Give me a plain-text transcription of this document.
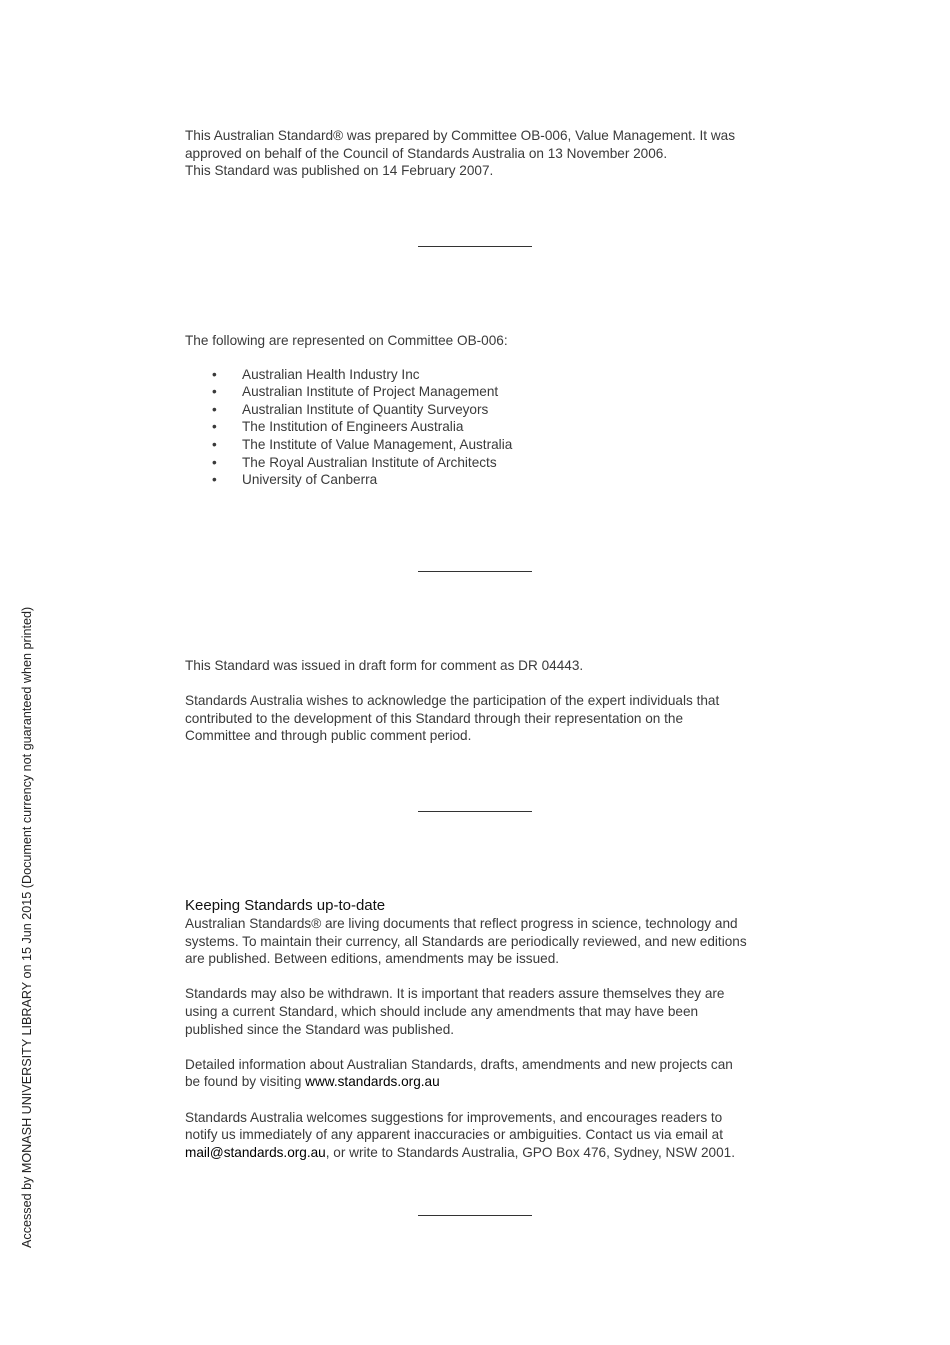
This Australian Standard® was prepared by Committee OB-006, Value Management. It was

approved on behalf of the Council of Standards Australia on 13 November 2006.

This Standard was published on 14 February 2007.

The following are represented on Committee OB-006:

• Australian Health Industry Inc
• Australian Institute of Project Management
• Australian Institute of Quantity Surveyors
• The Institution of Engineers Australia
• The Institute of Value Management, Australia
• The Royal Australian Institute of Architects
• University of Canberra

This Standard was issued in draft form for comment as DR 04443.

Standards Australia wishes to acknowledge the participation of the expert individuals that

contributed to the development of this Standard through their representation on the

Committee and through public comment period.

Keeping Standards up-to-date

Australian Standards® are living documents that reflect progress in science, technology and

systems. To maintain their currency, all Standards are periodically reviewed, and new editions

are published. Between editions, amendments may be issued.

Standards may also be withdrawn. It is important that readers assure themselves they are

using a current Standard, which should include any amendments that may have been

published since the Standard was published.

Detailed information about Australian Standards, drafts, amendments and new projects can

be found by visiting www.standards.org.au

Standards Australia welcomes suggestions for improvements, and encourages readers to

notify us immediately of any apparent inaccuracies or ambiguities. Contact us via email at

mail@standards.org.au, or write to Standards Australia, GPO Box 476, Sydney, NSW 2001.

Accessed by MONASH UNIVERSITY LIBRARY on 15 Jun 2015 (Document currency not guaranteed when printed)
